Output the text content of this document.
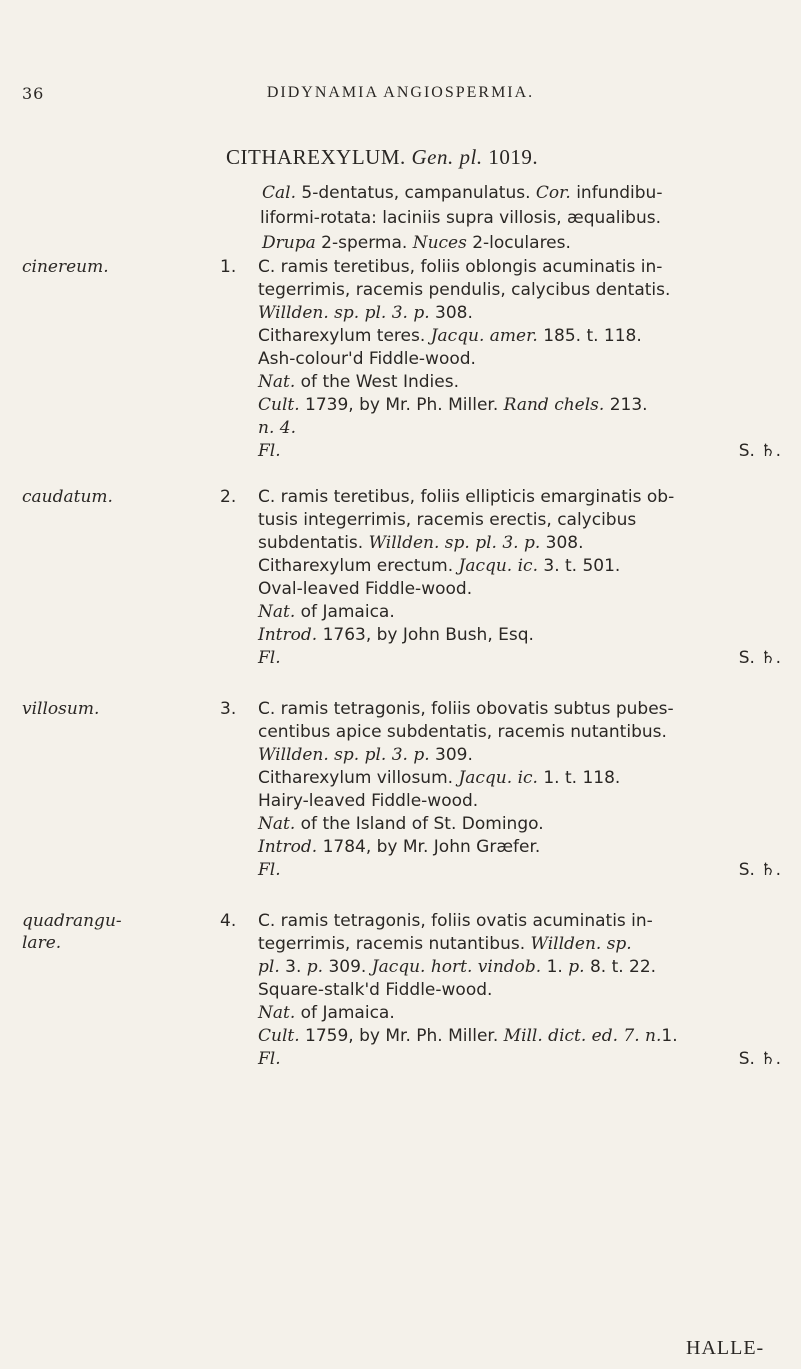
36	DIDYNAMIA ANGIOSPERMIA.
CITHAREXYLUM. Gen. pl. 1019.

Cal. 5-dentatus, campanulatus. Cor. infundibu-

liformi-rotata: laciniis supra villosis, æqualibus.

Drupa 2-sperma. Nuces 2-loculares.

cinereum.	1. C. ramis teretibus, foliis oblongis acuminatis in-

tegerrimis, racemis pendulis, calycibus dentatis.

Willden. sp. pl. 3. p. 308.

Citharexylum teres. Jacqu. amer. 185. t. 118.

Ash-colour'd Fiddle-wood.

Nat. of the West Indies.

Cult. 1739, by Mr. Ph. Miller. Rand chels. 213.

n. 4.

Fl.	S. ♄.
caudatum.	2. C. ramis teretibus, foliis ellipticis emarginatis ob-

tusis integerrimis, racemis erectis, calycibus

subdentatis. Willden. sp. pl. 3. p. 308.

Citharexylum erectum. Jacqu. ic. 3. t. 501.

Oval-leaved Fiddle-wood.

Nat. of Jamaica.

Introd. 1763, by John Bush, Esq.

Fl.	S. ♄.
villosum.	3. C. ramis tetragonis, foliis obovatis subtus pubes-

centibus apice subdentatis, racemis nutantibus.

Willden. sp. pl. 3. p. 309.

Citharexylum villosum. Jacqu. ic. 1. t. 118.

Hairy-leaved Fiddle-wood.

Nat. of the Island of St. Domingo.

Introd. 1784, by Mr. John Græfer.

Fl.	S. ♄.
quadrangu-
lare.

4. C. ramis tetragonis, foliis ovatis acuminatis in-

tegerrimis, racemis nutantibus. Willden. sp.

pl. 3. p. 309. Jacqu. hort. vindob. 1. p. 8. t. 22.

Square-stalk'd Fiddle-wood.

Nat. of Jamaica.

Cult. 1759, by Mr. Ph. Miller. Mill. dict. ed. 7. n.1.

Fl.	S. ♄.
HALLE-
